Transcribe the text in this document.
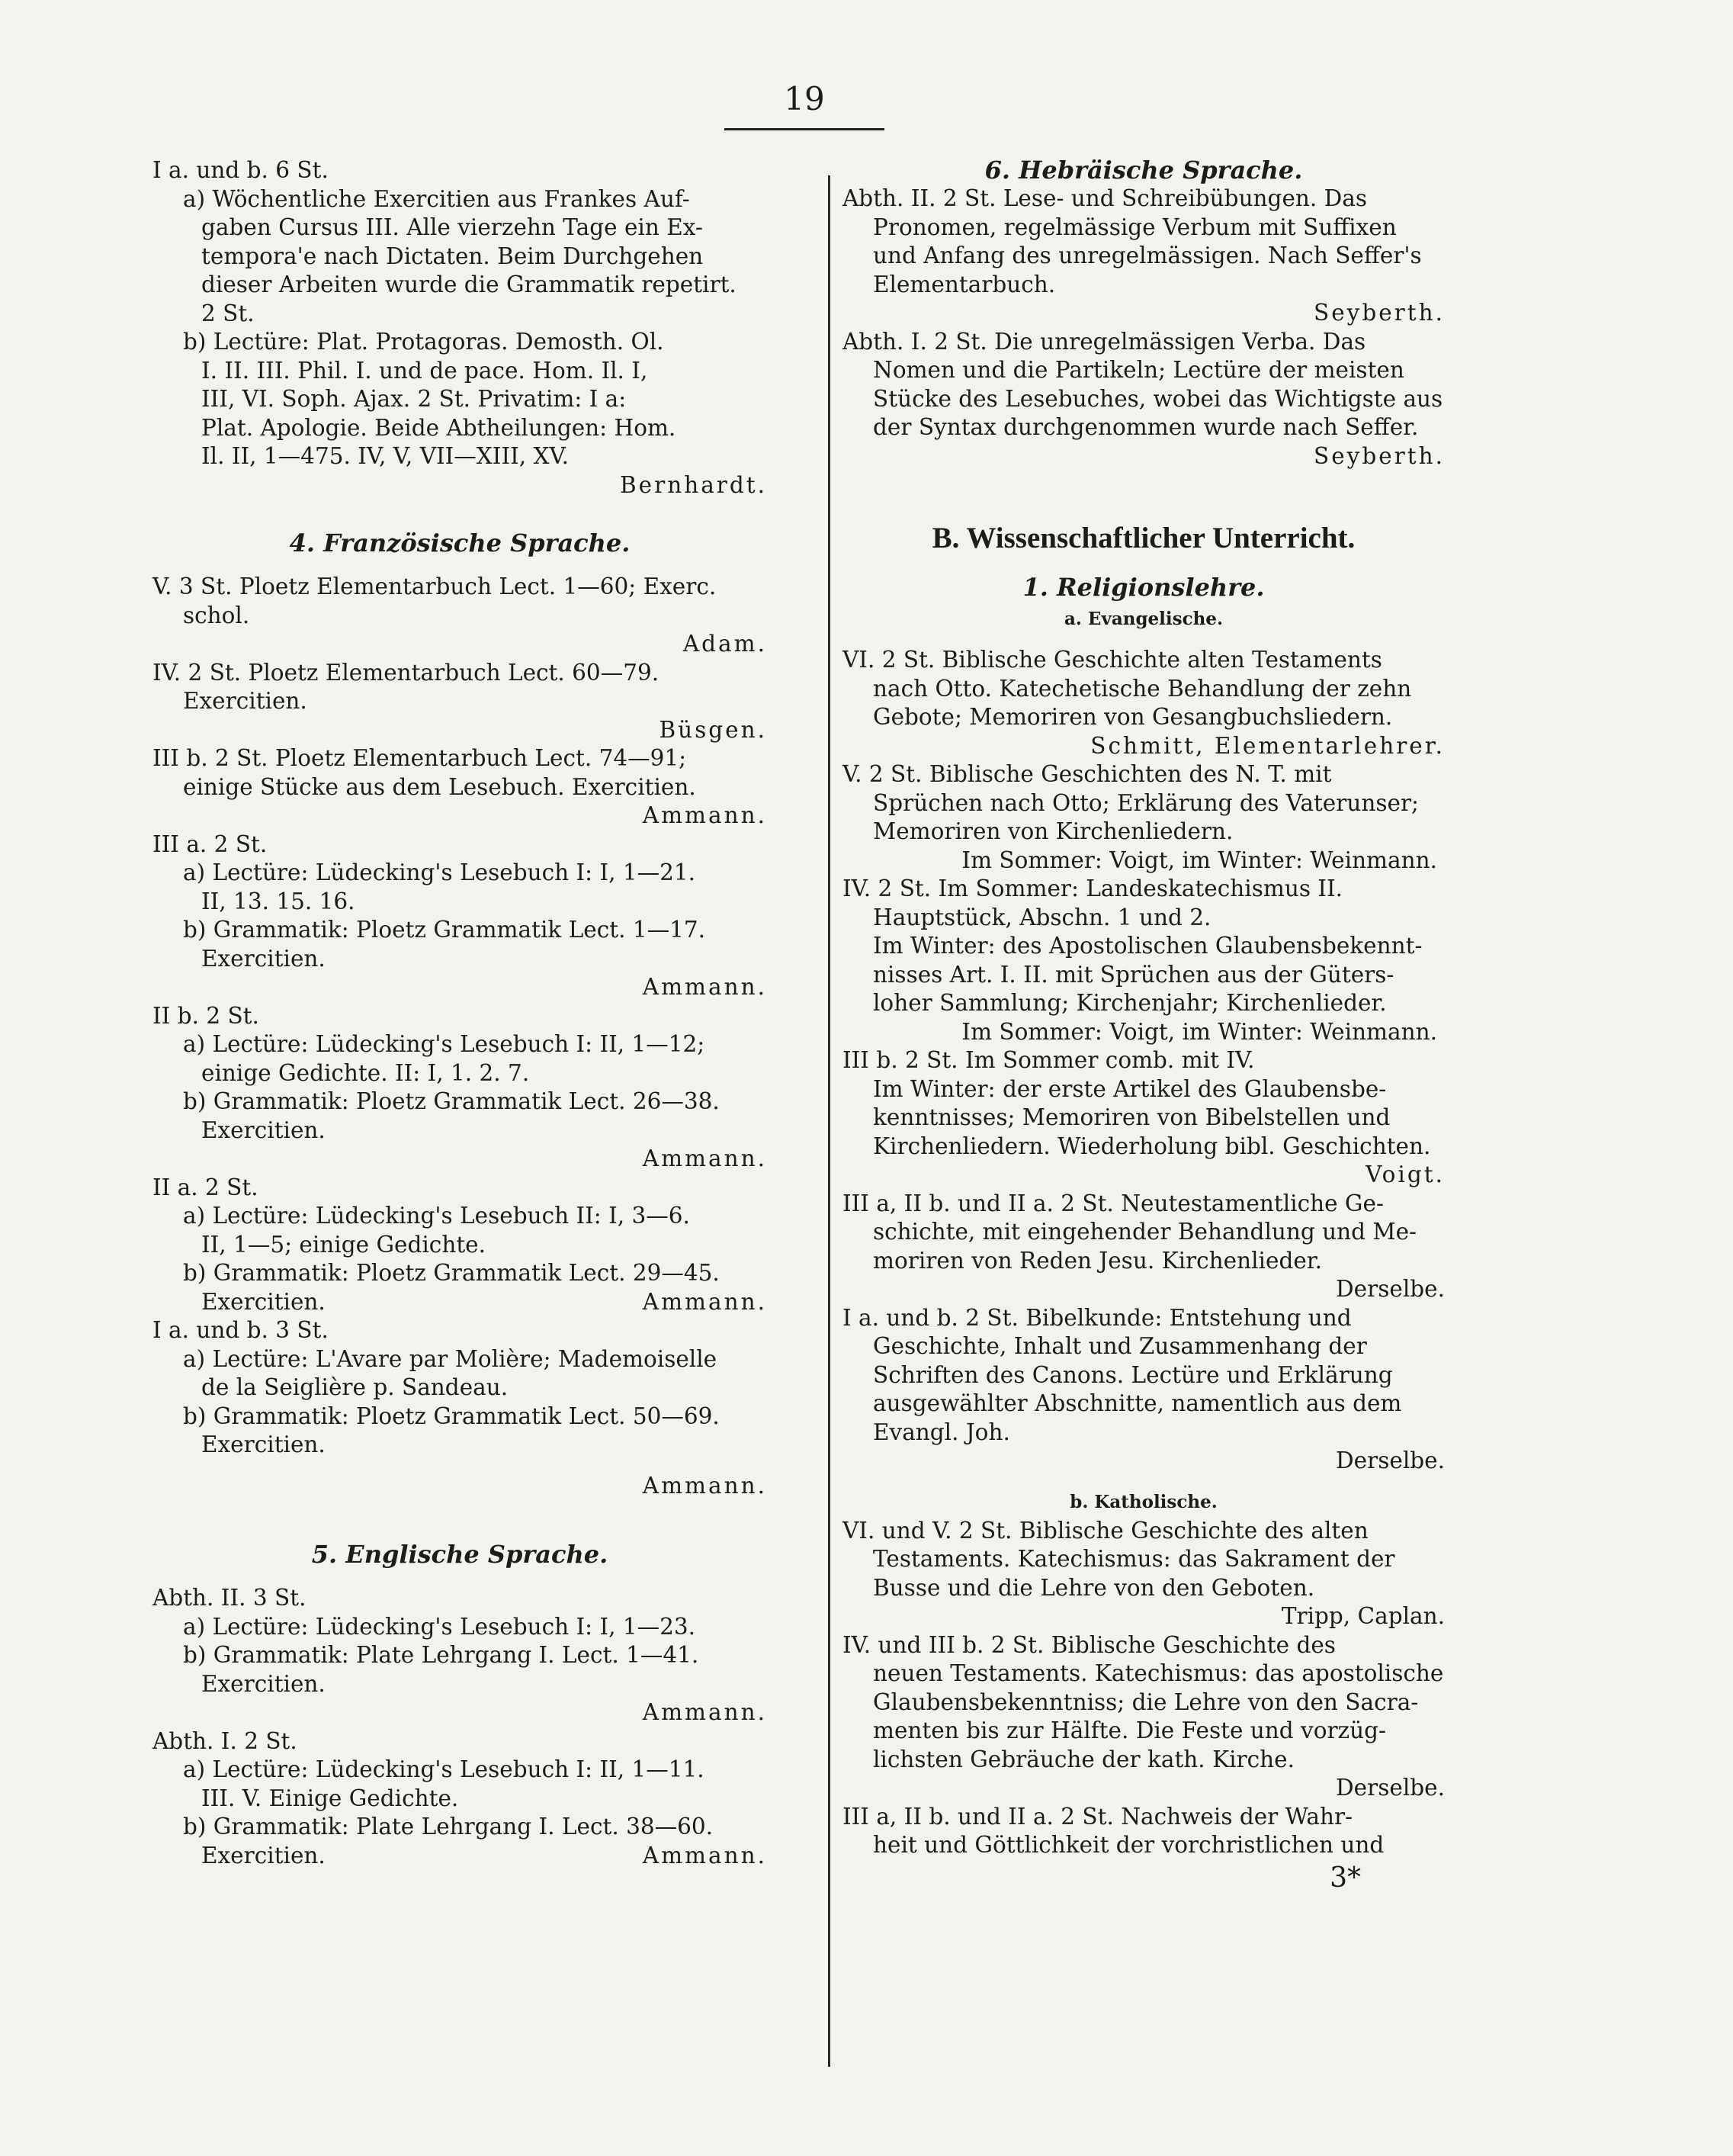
19
I a. und b. 6 St.
a) Wöchentliche Exercitien aus Frankes Auf-
gaben Cursus III. Alle vierzehn Tage ein Ex-
tempora'e nach Dictaten. Beim Durchgehen
dieser Arbeiten wurde die Grammatik repetirt.
2 St.
b) Lectüre: Plat. Protagoras. Demosth. Ol.
I. II. III. Phil. I. und de pace. Hom. Il. I,
III, VI. Soph. Ajax. 2 St. Privatim: I a:
Plat. Apologie. Beide Abtheilungen: Hom.
Il. II, 1—475. IV, V, VII—XIII, XV.
Bernhardt.
4. Französische Sprache.
V. 3 St. Ploetz Elementarbuch Lect. 1—60; Exerc.
schol.
Adam.
IV. 2 St. Ploetz Elementarbuch Lect. 60—79.
Exercitien.
Büsgen.
III b. 2 St. Ploetz Elementarbuch Lect. 74—91;
einige Stücke aus dem Lesebuch. Exercitien.
Ammann.
III a. 2 St.
a) Lectüre: Lüdecking's Lesebuch I: I, 1—21.
II, 13. 15. 16.
b) Grammatik: Ploetz Grammatik Lect. 1—17.
Exercitien.
Ammann.
II b. 2 St.
a) Lectüre: Lüdecking's Lesebuch I: II, 1—12;
einige Gedichte. II: I, 1. 2. 7.
b) Grammatik: Ploetz Grammatik Lect. 26—38.
Exercitien.
Ammann.
II a. 2 St.
a) Lectüre: Lüdecking's Lesebuch II: I, 3—6.
II, 1—5; einige Gedichte.
b) Grammatik: Ploetz Grammatik Lect. 29—45.
Exercitien.	Ammann.
I a. und b. 3 St.
a) Lectüre: L'Avare par Molière; Mademoiselle
de la Seiglière p. Sandeau.
b) Grammatik: Ploetz Grammatik Lect. 50—69.
Exercitien.
Ammann.
5. Englische Sprache.
Abth. II. 3 St.
a) Lectüre: Lüdecking's Lesebuch I: I, 1—23.
b) Grammatik: Plate Lehrgang I. Lect. 1—41.
Exercitien.
Ammann.
Abth. I. 2 St.
a) Lectüre: Lüdecking's Lesebuch I: II, 1—11.
III. V. Einige Gedichte.
b) Grammatik: Plate Lehrgang I. Lect. 38—60.
Exercitien.	Ammann.
6. Hebräische Sprache.
Abth. II. 2 St. Lese- und Schreibübungen. Das
Pronomen, regelmässige Verbum mit Suffixen
und Anfang des unregelmässigen. Nach Seffer's
Elementarbuch.
Seyberth.
Abth. I. 2 St. Die unregelmässigen Verba. Das
Nomen und die Partikeln; Lectüre der meisten
Stücke des Lesebuches, wobei das Wichtigste aus
der Syntax durchgenommen wurde nach Seffer.
Seyberth.
B. Wissenschaftlicher Unterricht.
1. Religionslehre.
a. Evangelische.
VI. 2 St. Biblische Geschichte alten Testaments
nach Otto. Katechetische Behandlung der zehn
Gebote; Memoriren von Gesangbuchsliedern.
Schmitt, Elementarlehrer.
V. 2 St. Biblische Geschichten des N. T. mit
Sprüchen nach Otto; Erklärung des Vaterunser;
Memoriren von Kirchenliedern.
Im Sommer: Voigt, im Winter: Weinmann.
IV. 2 St. Im Sommer: Landeskatechismus II.
Hauptstück, Abschn. 1 und 2.
Im Winter: des Apostolischen Glaubensbekennt-
nisses Art. I. II. mit Sprüchen aus der Güters-
loher Sammlung; Kirchenjahr; Kirchenlieder.
Im Sommer: Voigt, im Winter: Weinmann.
III b. 2 St. Im Sommer comb. mit IV.
Im Winter: der erste Artikel des Glaubensbe-
kenntnisses; Memoriren von Bibelstellen und
Kirchenliedern. Wiederholung bibl. Geschichten.
Voigt.
III a, II b. und II a. 2 St. Neutestamentliche Ge-
schichte, mit eingehender Behandlung und Me-
moriren von Reden Jesu. Kirchenlieder.
Derselbe.
I a. und b. 2 St. Bibelkunde: Entstehung und
Geschichte, Inhalt und Zusammenhang der
Schriften des Canons. Lectüre und Erklärung
ausgewählter Abschnitte, namentlich aus dem
Evangl. Joh.
Derselbe.
b. Katholische.
VI. und V. 2 St. Biblische Geschichte des alten
Testaments. Katechismus: das Sakrament der
Busse und die Lehre von den Geboten.
Tripp, Caplan.
IV. und III b. 2 St. Biblische Geschichte des
neuen Testaments. Katechismus: das apostolische
Glaubensbekenntniss; die Lehre von den Sacra-
menten bis zur Hälfte. Die Feste und vorzüg-
lichsten Gebräuche der kath. Kirche.
Derselbe.
III a, II b. und II a. 2 St. Nachweis der Wahr-
heit und Göttlichkeit der vorchristlichen und
3*
